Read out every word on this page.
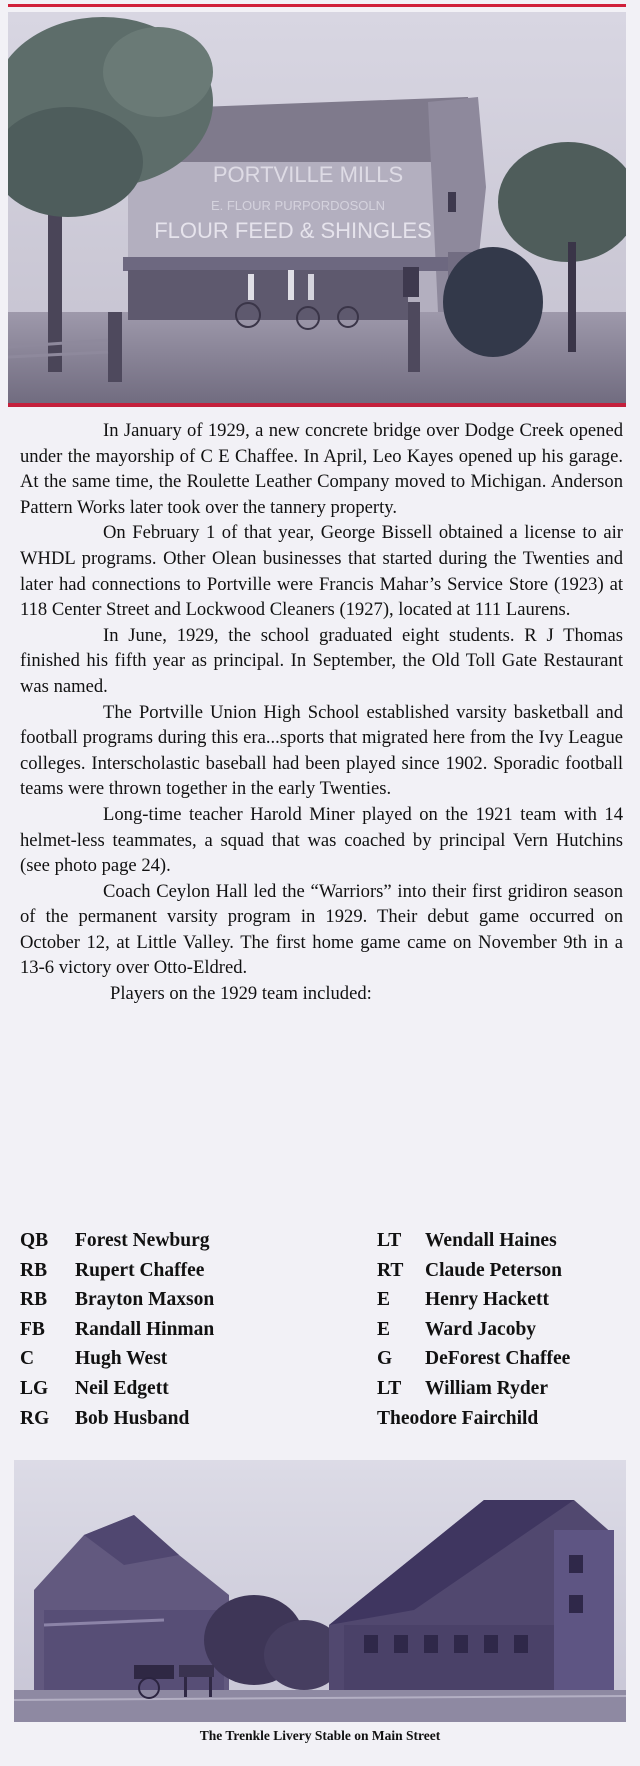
PORTVILLE MILLS
E. FLOUR PURPORDOSOLN
FLOUR FEED & SHINGLES

In January of 1929, a new concrete bridge over Dodge Creek opened under the mayorship of C E Chaffee. In April, Leo Kayes opened up his garage. At the same time, the Roulette Leather Company moved to Michigan. Anderson Pattern Works later took over the tannery property.

On February 1 of that year, George Bissell obtained a license to air WHDL programs. Other Olean businesses that started during the Twenties and later had connections to Portville were Francis Mahar’s Service Store (1923) at 118 Center Street and Lockwood Cleaners (1927), located at 111 Laurens.

In June, 1929, the school graduated eight students. R J Thomas finished his fifth year as principal. In September, the Old Toll Gate Restaurant was named.

The Portville Union High School established varsity basketball and football programs during this era...sports that migrated here from the Ivy League colleges. Interscholastic baseball had been played since 1902. Sporadic football teams were thrown together in the early Twenties.

Long-time teacher Harold Miner played on the 1921 team with 14 helmet-less teammates, a squad that was coached by principal Vern Hutchins (see photo page 24).

Coach Ceylon Hall led the “Warriors” into their first gridiron season of the permanent varsity program in 1929. Their debut game occurred on October 12, at Little Valley. The first home game came on November 9th in a 13-6 victory over Otto-Eldred.

Players on the 1929 team included:

QB Forest Newburg
RB Rupert Chaffee
RB Brayton Maxson
FB Randall Hinman
C Hugh West
LG Neil Edgett
RG Bob Husband
LT Wendall Haines
RT Claude Peterson
E Henry Hackett
E Ward Jacoby
G DeForest Chaffee
LT William Ryder
Theodore Fairchild
The Trenkle Livery Stable on Main Street
